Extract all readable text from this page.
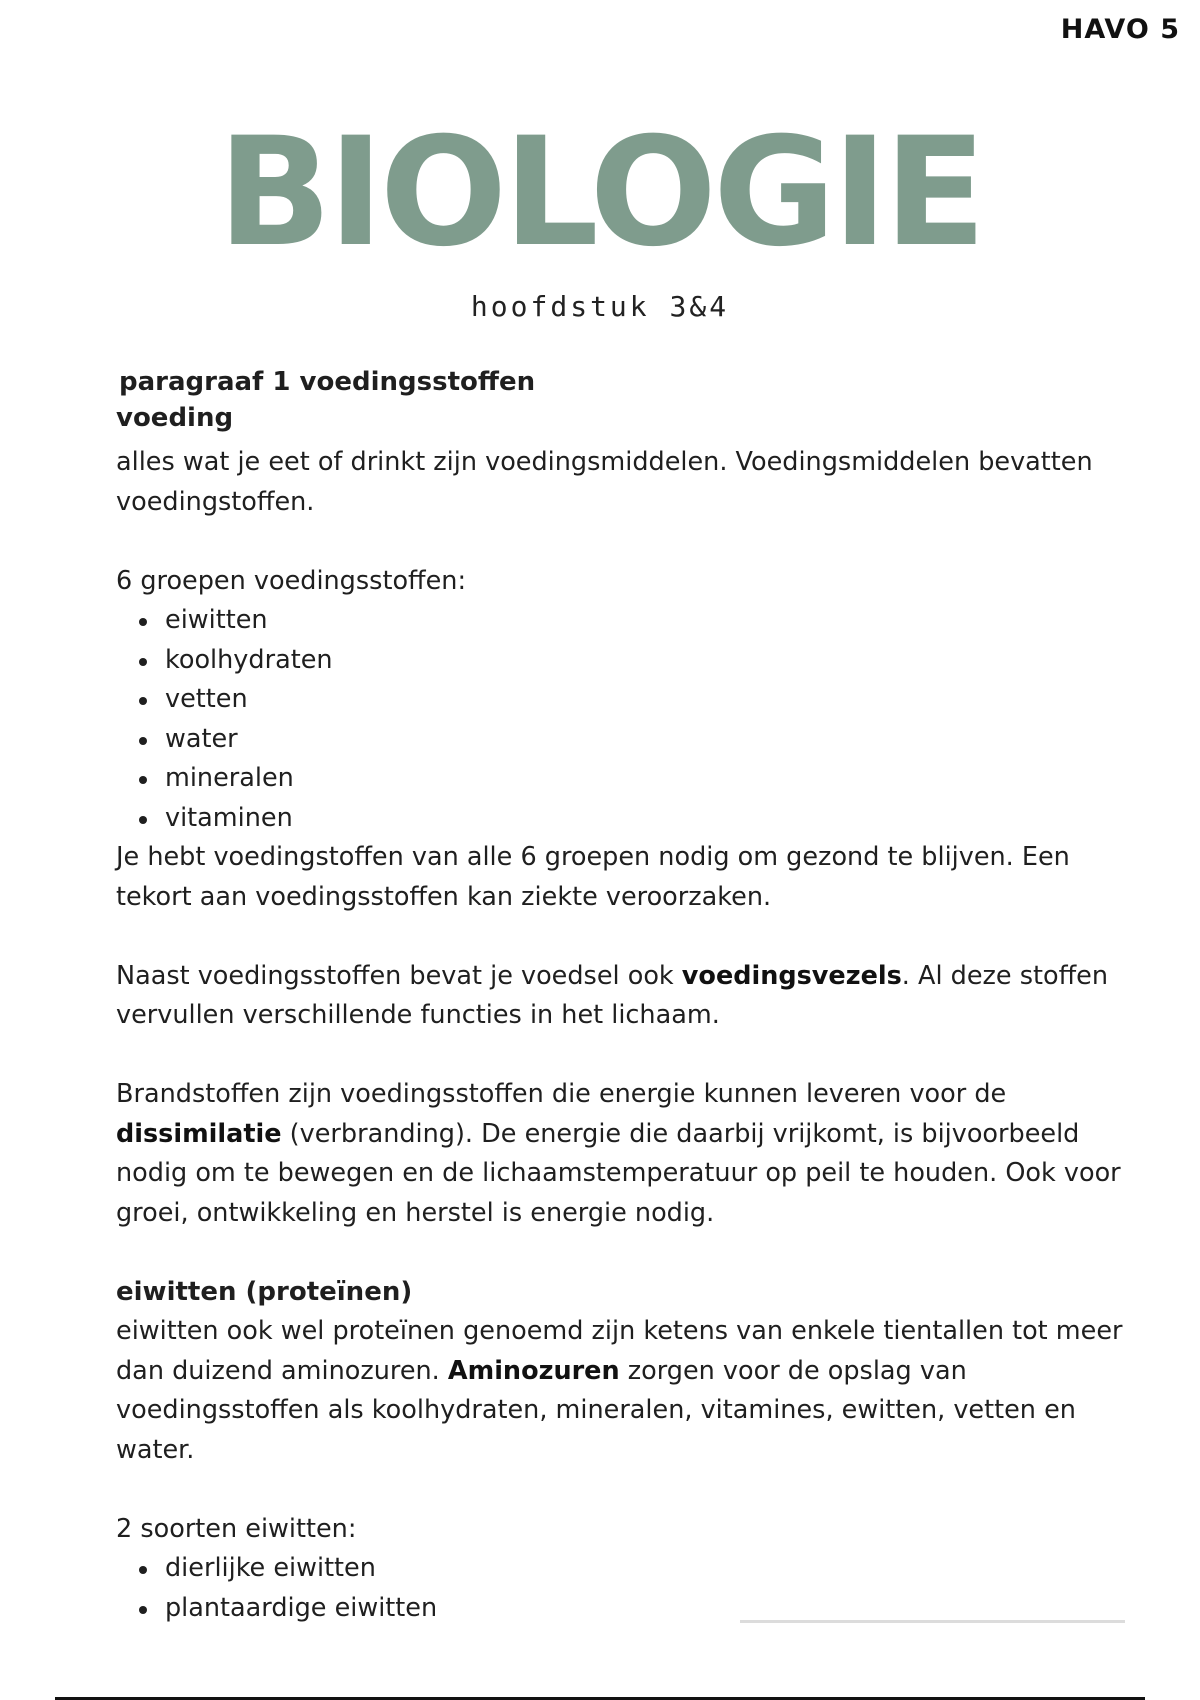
HAVO 5
BIOLOGIE
hoofdstuk 3&4

paragraaf 1 voedingsstoffen

voeding

alles wat je eet of drinkt zijn voedingsmiddelen. Voedingsmiddelen bevatten voedingstoffen.

6 groepen voedingsstoffen:

eiwitten
koolhydraten
vetten
water
mineralen
vitaminen

Je hebt voedingstoffen van alle 6 groepen nodig om gezond te blijven. Een tekort aan voedingsstoffen kan ziekte veroorzaken.

Naast voedingsstoffen bevat je voedsel ook voedingsvezels. Al deze stoffen vervullen verschillende functies in het lichaam.

Brandstoffen zijn voedingsstoffen die energie kunnen leveren voor de dissimilatie (verbranding). De energie die daarbij vrijkomt, is bijvoorbeeld nodig om te bewegen en de lichaamstemperatuur op peil te houden. Ook voor groei, ontwikkeling en herstel is energie nodig.

eiwitten (proteïnen)

eiwitten ook wel proteïnen genoemd zijn ketens van enkele tientallen tot meer dan duizend aminozuren. Aminozuren zorgen voor de opslag van voedingsstoffen als koolhydraten, mineralen, vitamines, ewitten, vetten en water.

2 soorten eiwitten:

dierlijke eiwitten
plantaardige eiwitten
